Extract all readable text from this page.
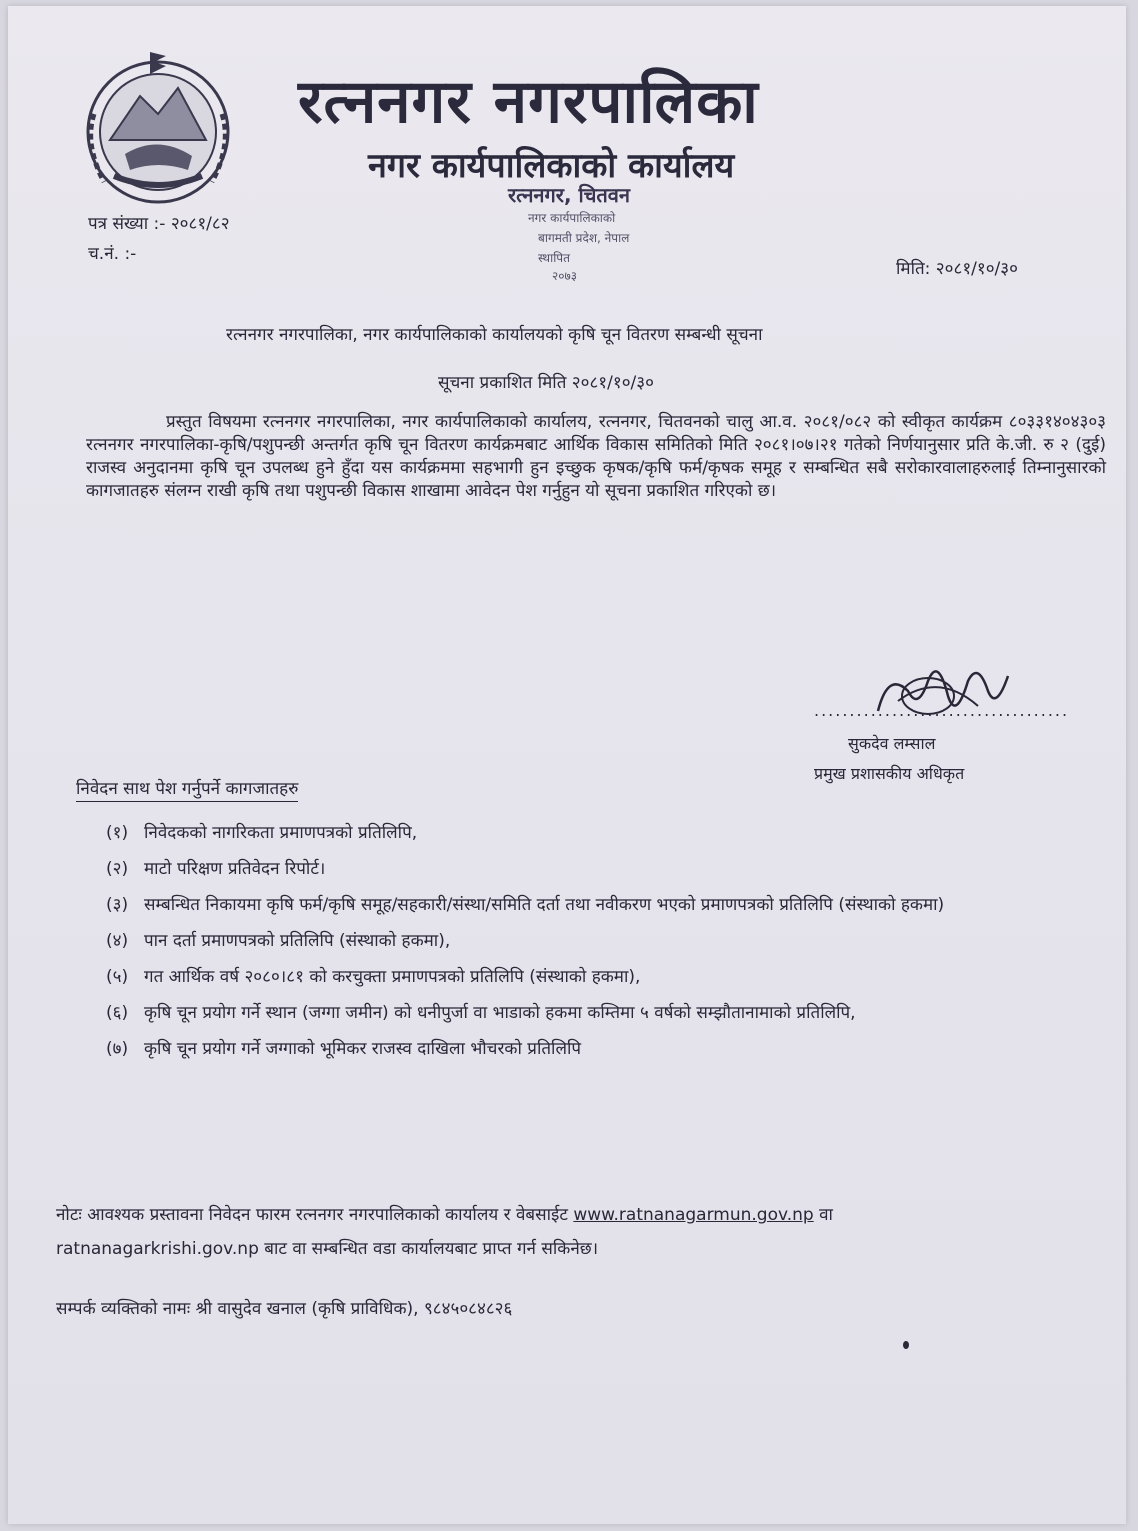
रत्ननगर नगरपालिका
नगर कार्यपालिकाको कार्यालय
रत्ननगर, चितवन
नगर कार्यपालिकाको
बागमती प्रदेश, नेपाल
स्थापित
२०७३
पत्र संख्या :- २०८१/८२
च.नं. :-
मिति: २०८१/१०/३०
रत्ननगर नगरपालिका, नगर कार्यपालिकाको कार्यालयको कृषि चून वितरण सम्बन्धी सूचना
सूचना प्रकाशित मिति २०८१/१०/३०

प्रस्तुत विषयमा रत्ननगर नगरपालिका, नगर कार्यपालिकाको कार्यालय, रत्ननगर, चितवनको चालु आ.व. २०८१/०८२ को स्वीकृत कार्यक्रम ८०३३१४०४३०३ रत्ननगर नगरपालिका-कृषि/पशुपन्छी अन्तर्गत कृषि चून वितरण कार्यक्रमबाट आर्थिक विकास समितिको मिति २०८१।०७।२१ गतेको निर्णयानुसार प्रति के.जी. रु २ (दुई) राजस्व अनुदानमा कृषि चून उपलब्ध हुने हुँदा यस कार्यक्रममा सहभागी हुन इच्छुक कृषक/कृषि फर्म/कृषक समूह र सम्बन्धित सबै सरोकारवालाहरुलाई तिम्नानुसारको कागजातहरु संलग्न राखी कृषि तथा पशुपन्छी विकास शाखामा आवेदन पेश गर्नुहुन यो सूचना प्रकाशित गरिएको छ।

....................................
सुकदेव लम्साल
प्रमुख प्रशासकीय अधिकृत
निवेदन साथ पेश गर्नुपर्ने कागजातहरु
(१) निवेदकको नागरिकता प्रमाणपत्रको प्रतिलिपि,
(२) माटो परिक्षण प्रतिवेदन रिपोर्ट।
(३) सम्बन्धित निकायमा कृषि फर्म/कृषि समूह/सहकारी/संस्था/समिति दर्ता तथा नवीकरण भएको प्रमाणपत्रको प्रतिलिपि (संस्थाको हकमा)
(४) पान दर्ता प्रमाणपत्रको प्रतिलिपि (संस्थाको हकमा),
(५) गत आर्थिक वर्ष २०८०।८१ को करचुक्ता प्रमाणपत्रको प्रतिलिपि (संस्थाको हकमा),
(६) कृषि चून प्रयोग गर्ने स्थान (जग्गा जमीन) को धनीपुर्जा वा भाडाको हकमा कम्तिमा ५ वर्षको सम्झौतानामाको प्रतिलिपि,
(७) कृषि चून प्रयोग गर्ने जग्गाको भूमिकर राजस्व दाखिला भौचरको प्रतिलिपि
नोटः आवश्यक प्रस्तावना निवेदन फारम रत्ननगर नगरपालिकाको कार्यालय र वेबसाईट www.ratnanagarmun.gov.np वा
ratnanagarkrishi.gov.np बाट वा सम्बन्धित वडा कार्यालयबाट प्राप्त गर्न सकिनेछ।
सम्पर्क व्यक्तिको नामः श्री वासुदेव खनाल (कृषि प्राविधिक), ९८४५०८४८२६
